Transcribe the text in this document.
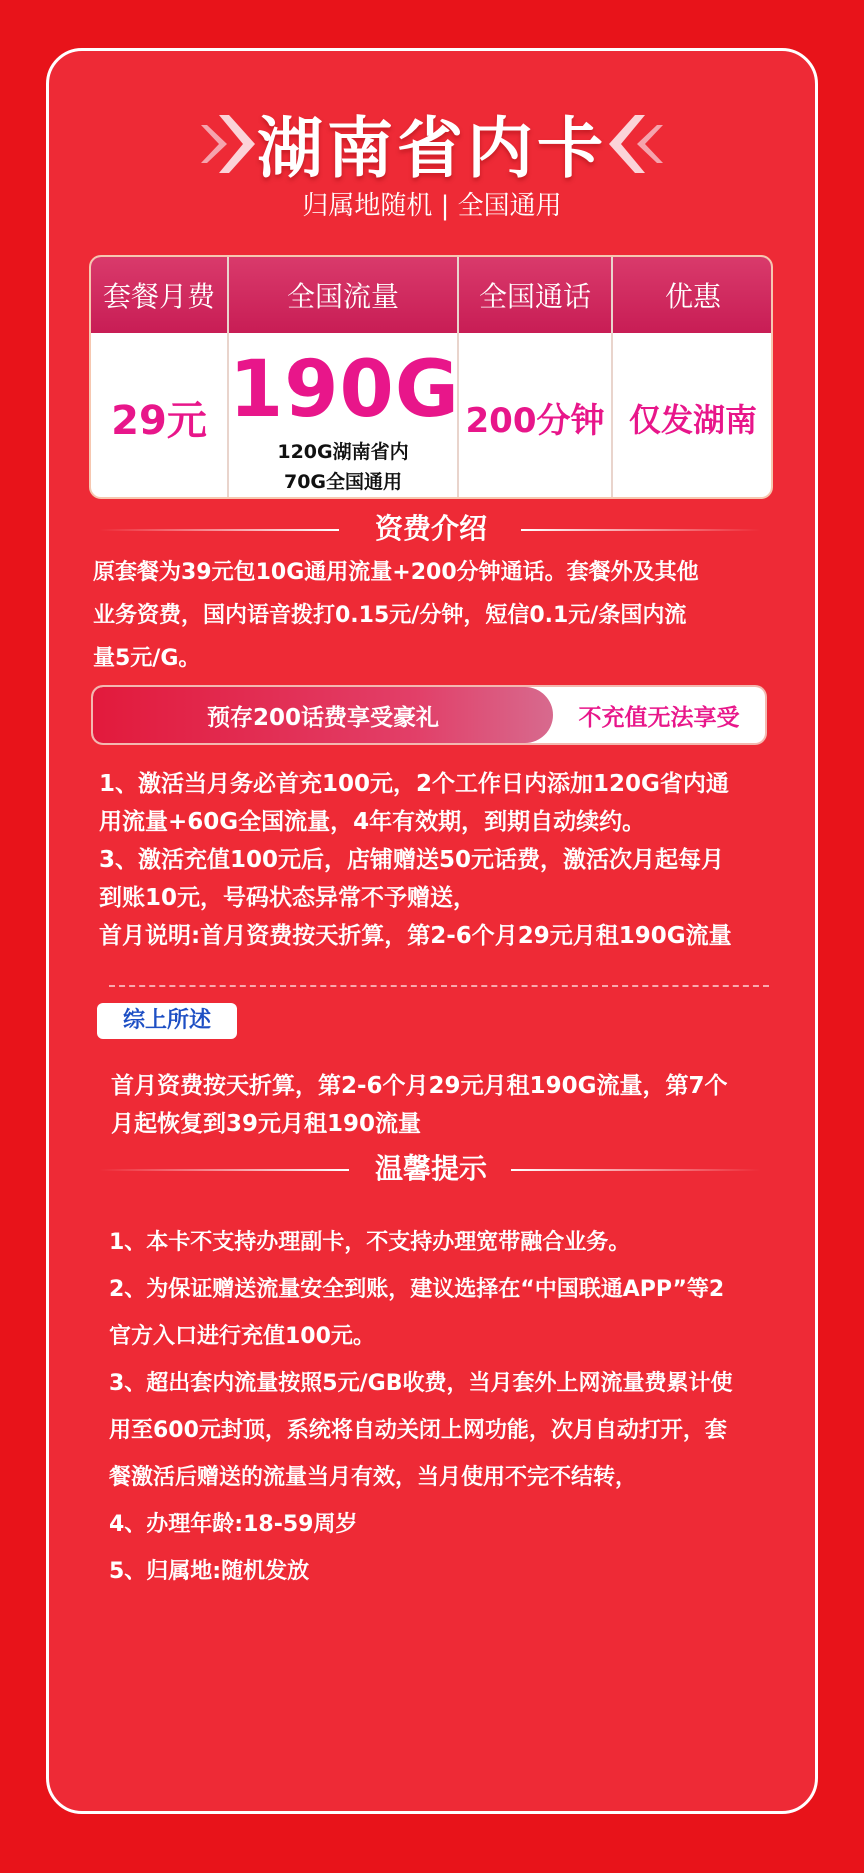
湖南省内卡
归属地随机 | 全国通用
套餐月费
29元
全国流量
190G
120G湖南省内
70G全国通用
全国通话
200分钟
优惠
仅发湖南
资费介绍
原套餐为39元包10G通用流量+200分钟通话。套餐外及其他
业务资费，国内语音拨打0.15元/分钟，短信0.1元/条国内流
量5元/G。
预存200话费享受豪礼	不充值无法享受
1、激活当月务必首充100元，2个工作日内添加120G省内通
用流量+60G全国流量，4年有效期，到期自动续约。
3、激活充值100元后，店铺赠送50元话费，激活次月起每月
到账10元，号码状态异常不予赠送，
首月说明:首月资费按天折算，第2-6个月29元月租190G流量
综上所述
首月资费按天折算，第2-6个月29元月租190G流量，第7个
月起恢复到39元月租190流量
温馨提示
1、本卡不支持办理副卡，不支持办理宽带融合业务。
2、为保证赠送流量安全到账，建议选择在“中国联通APP”等2
官方入口进行充值100元。
3、超出套内流量按照5元/GB收费，当月套外上网流量费累计使
用至600元封顶，系统将自动关闭上网功能，次月自动打开，套
餐激活后赠送的流量当月有效，当月使用不完不结转，
4、办理年龄:18-59周岁
5、归属地:随机发放
